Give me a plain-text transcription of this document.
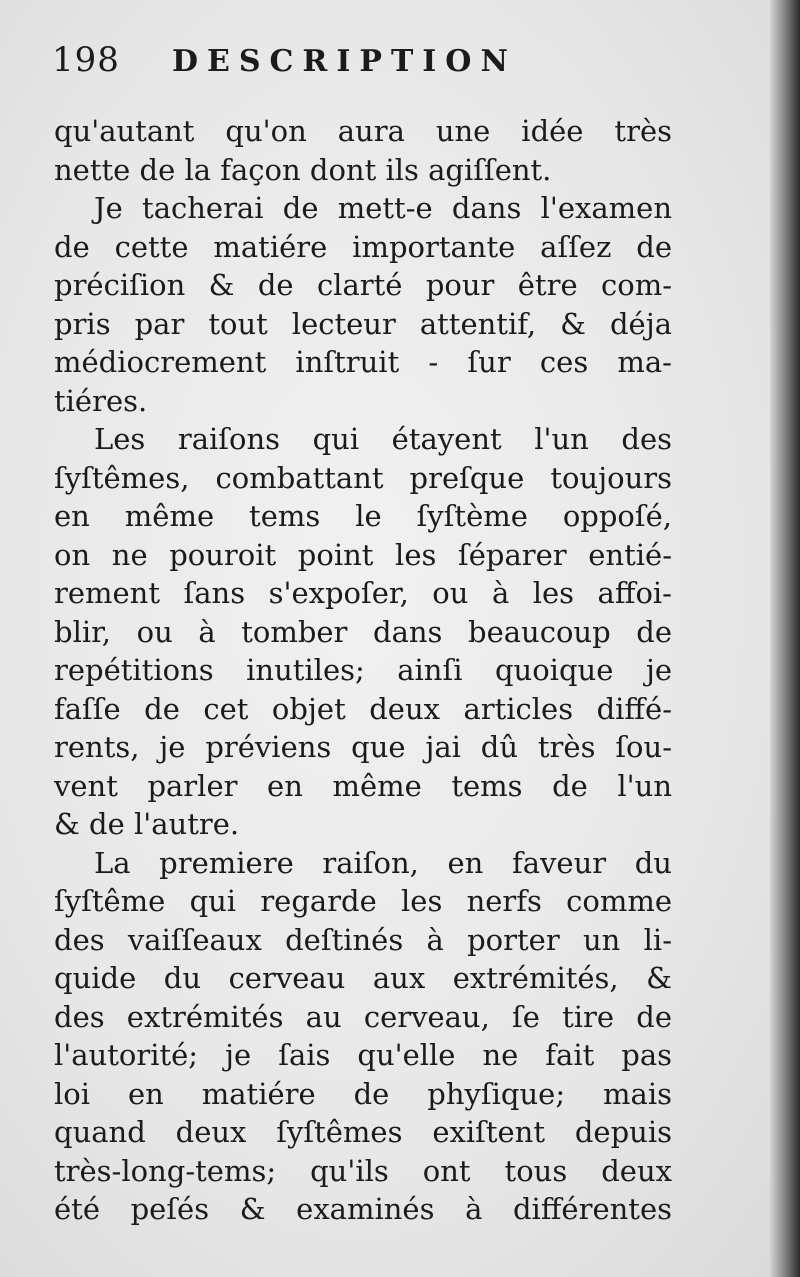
198 DESCRIPTION
qu'autant qu'on aura une idée très
nette de la façon dont ils agiſſent.
Je tacherai de mett-e dans l'examen
de cette matiére importante aſſez de
préciſion & de clarté pour être com-
pris par tout lecteur attentif, & déja
médiocrement inſtruit - ſur ces ma-
tiéres.
Les raiſons qui étayent l'un des
ſyſtêmes, combattant preſque toujours
en même tems le ſyſtème oppoſé,
on ne pouroit point les ſéparer entié-
rement ſans s'expoſer, ou à les affoi-
blir, ou à tomber dans beaucoup de
repétitions inutiles; ainſi quoique je
faſſe de cet objet deux articles diffé-
rents, je préviens que jai dû très ſou-
vent parler en même tems de l'un
& de l'autre.
La premiere raiſon, en faveur du
ſyſtême qui regarde les nerfs comme
des vaiſſeaux deſtinés à porter un li-
quide du cerveau aux extrémités, &
des extrémités au cerveau, ſe tire de
l'autorité; je ſais qu'elle ne fait pas
loi en matiére de phyſique; mais
quand deux ſyſtêmes exiſtent depuis
très-long-tems; qu'ils ont tous deux
été peſés & examinés à différentes
